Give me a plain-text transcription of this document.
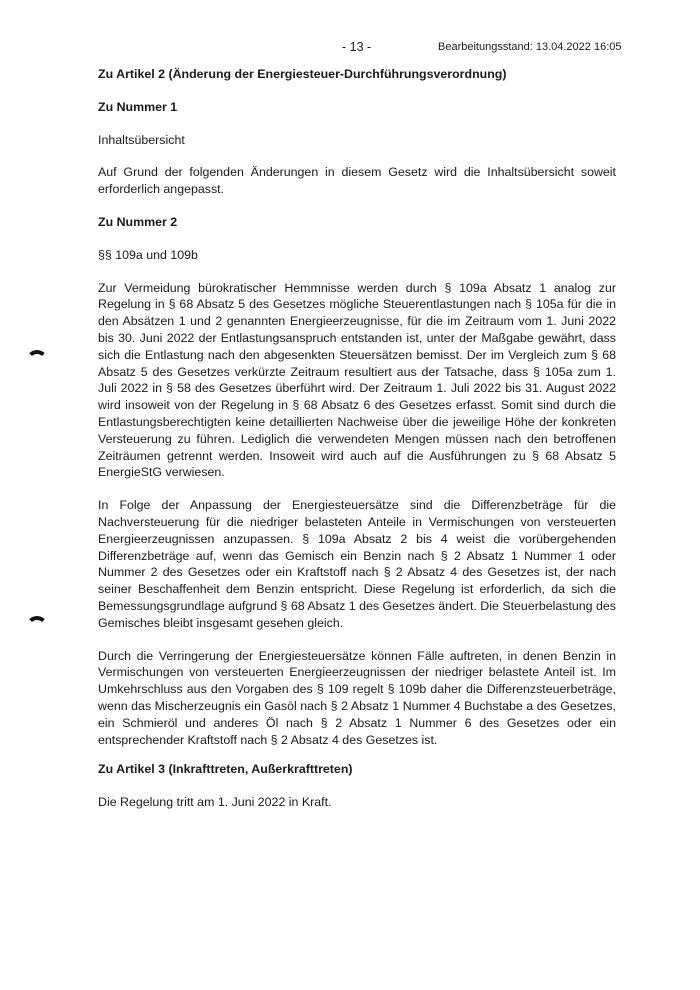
- 13 -	Bearbeitungsstand: 13.04.2022 16:05

Zu Artikel 2 (Änderung der Energiesteuer-Durchführungsverordnung)

Zu Nummer 1

Inhaltsübersicht

Auf Grund der folgenden Änderungen in diesem Gesetz wird die Inhaltsübersicht soweit erforderlich angepasst.

Zu Nummer 2

§§ 109a und 109b

Zur Vermeidung bürokratischer Hemmnisse werden durch § 109a Absatz 1 analog zur Regelung in § 68 Absatz 5 des Gesetzes mögliche Steuerentlastungen nach § 105a für die in den Absätzen 1 und 2 genannten Energieerzeugnisse, für die im Zeitraum vom 1. Juni 2022 bis 30. Juni 2022 der Entlastungsanspruch entstanden ist, unter der Maßgabe gewährt, dass sich die Entlastung nach den abgesenkten Steuersätzen bemisst. Der im Vergleich zum § 68 Absatz 5 des Gesetzes verkürzte Zeitraum resultiert aus der Tatsache, dass § 105a zum 1. Juli 2022 in § 58 des Gesetzes überführt wird. Der Zeitraum 1. Juli 2022 bis 31. August 2022 wird insoweit von der Regelung in § 68 Absatz 6 des Gesetzes erfasst. Somit sind durch die Entlastungsberechtigten keine detaillierten Nachweise über die jeweilige Höhe der konkreten Versteuerung zu führen. Lediglich die verwendeten Mengen müssen nach den betroffenen Zeiträumen getrennt werden. Insoweit wird auch auf die Ausführungen zu § 68 Absatz 5 EnergieStG verwiesen.

In Folge der Anpassung der Energiesteuersätze sind die Differenzbeträge für die Nachversteuerung für die niedriger belasteten Anteile in Vermischungen von versteuerten Energieerzeugnissen anzupassen. § 109a Absatz 2 bis 4 weist die vorübergehenden Differenzbeträge auf, wenn das Gemisch ein Benzin nach § 2 Absatz 1 Nummer 1 oder Nummer 2 des Gesetzes oder ein Kraftstoff nach § 2 Absatz 4 des Gesetzes ist, der nach seiner Beschaffenheit dem Benzin entspricht. Diese Regelung ist erforderlich, da sich die Bemessungsgrundlage aufgrund § 68 Absatz 1 des Gesetzes ändert. Die Steuerbelastung des Gemisches bleibt insgesamt gesehen gleich.

Durch die Verringerung der Energiesteuersätze können Fälle auftreten, in denen Benzin in Vermischungen von versteuerten Energieerzeugnissen der niedriger belastete Anteil ist. Im Umkehrschluss aus den Vorgaben des § 109 regelt § 109b daher die Differenzsteuerbeträge, wenn das Mischerzeugnis ein Gasöl nach § 2 Absatz 1 Nummer 4 Buchstabe a des Gesetzes, ein Schmieröl und anderes Öl nach § 2 Absatz 1 Nummer 6 des Gesetzes oder ein entsprechender Kraftstoff nach § 2 Absatz 4 des Gesetzes ist.

Zu Artikel 3 (Inkrafttreten, Außerkrafttreten)

Die Regelung tritt am 1. Juni 2022 in Kraft.
